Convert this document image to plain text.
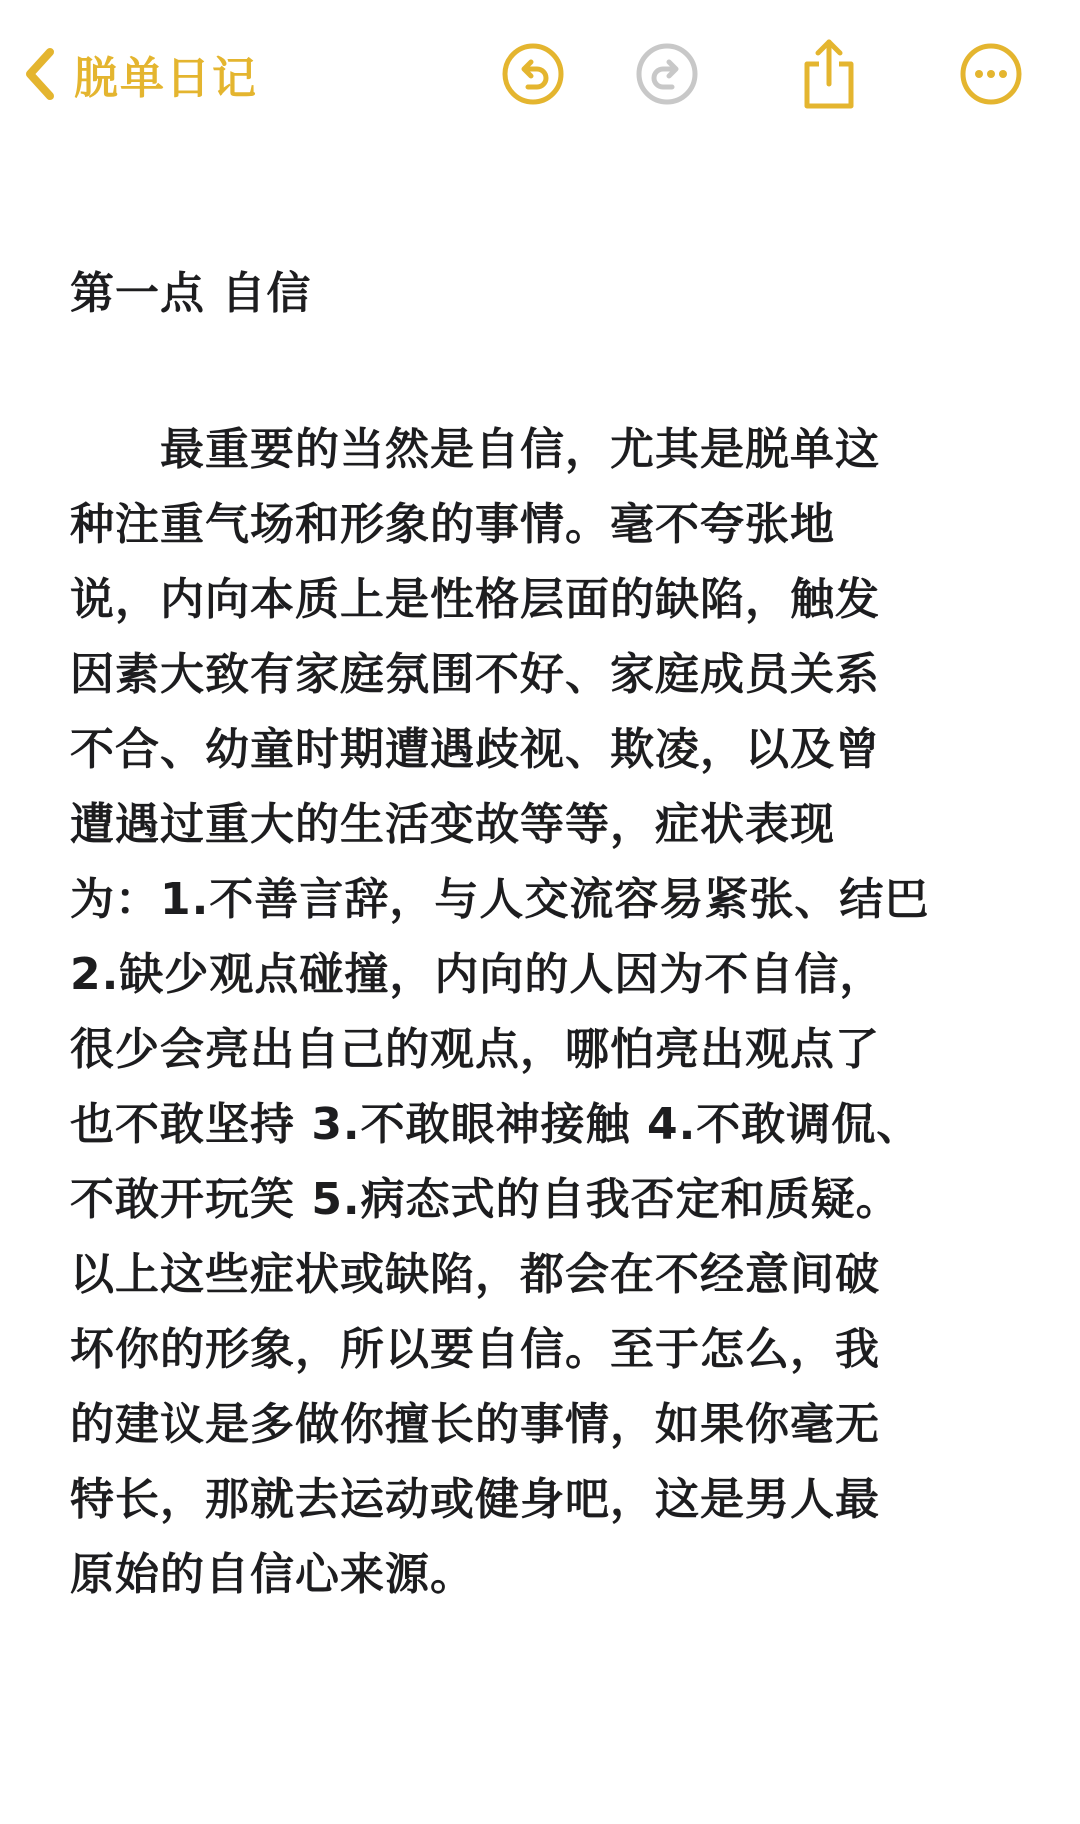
脱单日记
第一点 自信
　　最重要的当然是自信，尤其是脱单这
种注重气场和形象的事情。毫不夸张地
说，内向本质上是性格层面的缺陷，触发
因素大致有家庭氛围不好、家庭成员关系
不合、幼童时期遭遇歧视、欺凌，以及曾
遭遇过重大的生活变故等等，症状表现
为：1.不善言辞，与人交流容易紧张、结巴
2.缺少观点碰撞，内向的人因为不自信，
很少会亮出自己的观点，哪怕亮出观点了
也不敢坚持 3.不敢眼神接触 4.不敢调侃、
不敢开玩笑 5.病态式的自我否定和质疑。
以上这些症状或缺陷，都会在不经意间破
坏你的形象，所以要自信。至于怎么，我
的建议是多做你擅长的事情，如果你毫无
特长，那就去运动或健身吧，这是男人最
原始的自信心来源。
